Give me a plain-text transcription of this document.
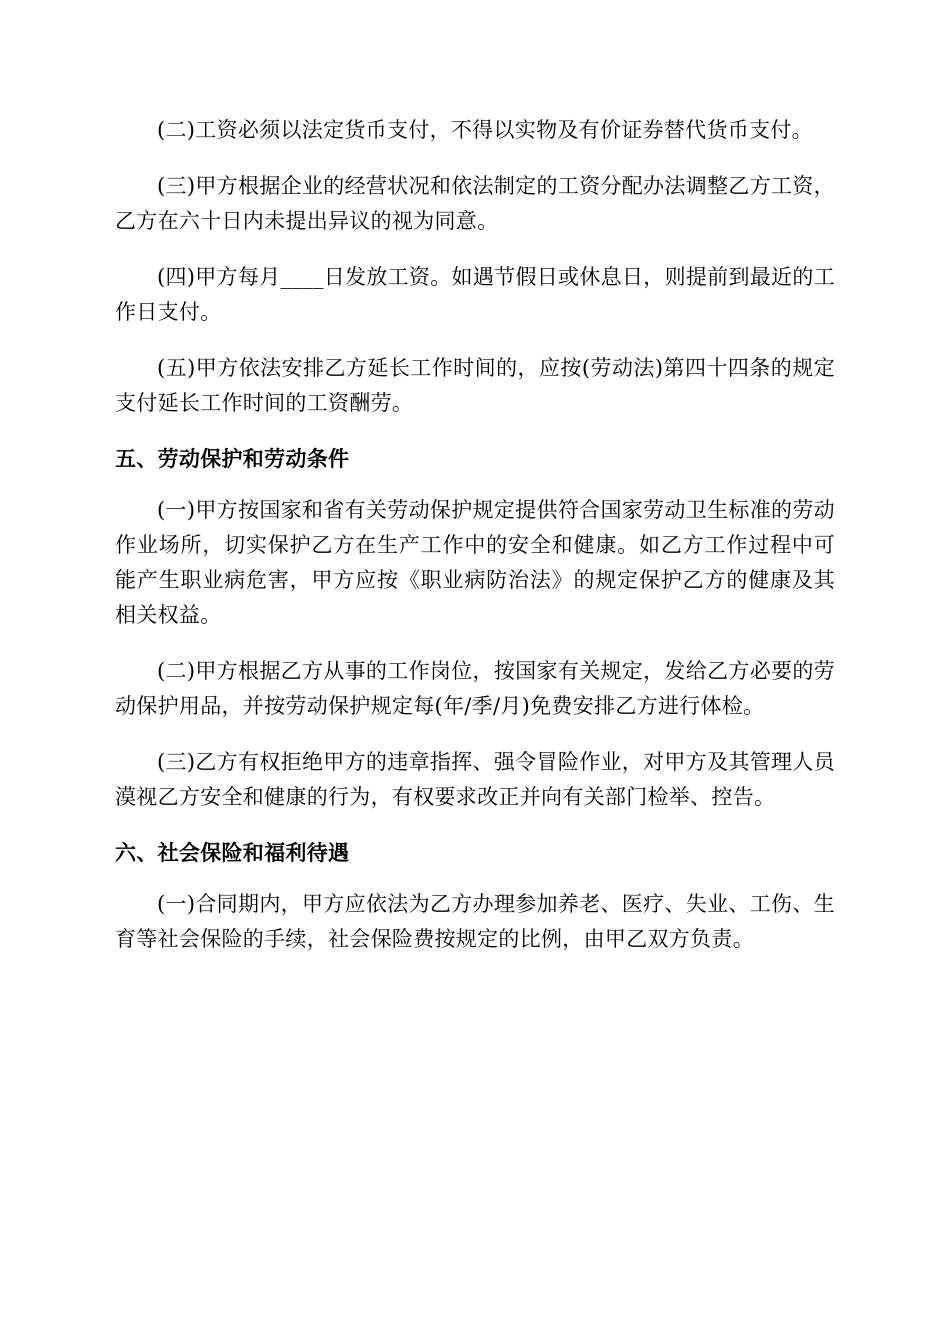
(二)工资必须以法定货币支付，不得以实物及有价证券替代货币支付。

(三)甲方根据企业的经营状况和依法制定的工资分配办法调整乙方工资，乙方在六十日内未提出异议的视为同意。

(四)甲方每月____日发放工资。如遇节假日或休息日，则提前到最近的工作日支付。

(五)甲方依法安排乙方延长工作时间的，应按(劳动法)第四十四条的规定支付延长工作时间的工资酬劳。

五、劳动保护和劳动条件

(一)甲方按国家和省有关劳动保护规定提供符合国家劳动卫生标准的劳动作业场所，切实保护乙方在生产工作中的安全和健康。如乙方工作过程中可能产生职业病危害，甲方应按《职业病防治法》的规定保护乙方的健康及其相关权益。

(二)甲方根据乙方从事的工作岗位，按国家有关规定，发给乙方必要的劳动保护用品，并按劳动保护规定每(年/季/月)免费安排乙方进行体检。

(三)乙方有权拒绝甲方的违章指挥、强令冒险作业，对甲方及其管理人员漠视乙方安全和健康的行为，有权要求改正并向有关部门检举、控告。

六、社会保险和福利待遇

(一)合同期内，甲方应依法为乙方办理参加养老、医疗、失业、工伤、生育等社会保险的手续，社会保险费按规定的比例，由甲乙双方负责。
